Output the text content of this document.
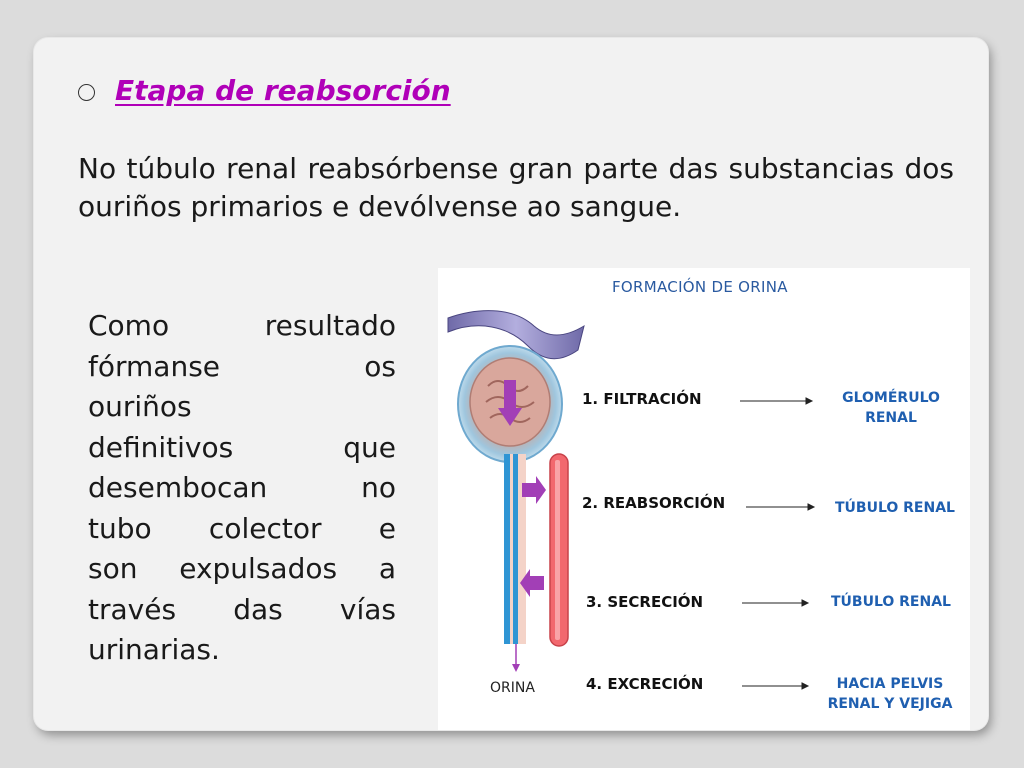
Etapa de reabsorción
No túbulo renal reabsórbense gran parte das substancias dos ouriños primarios e devólvense ao sangue.
Como resultado
fórmanse os
ouriños
definitivos que
desembocan no
tubo colector e
son expulsados a
través das vías
urinarias.
FORMACIÓN DE ORINA
1. FILTRACIÓN
2. REABSORCIÓN
3. SECRECIÓN
4. EXCRECIÓN
GLOMÉRULO
RENAL
TÚBULO RENAL
TÚBULO RENAL
HACIA PELVIS
RENAL Y VEJIGA
ORINA
